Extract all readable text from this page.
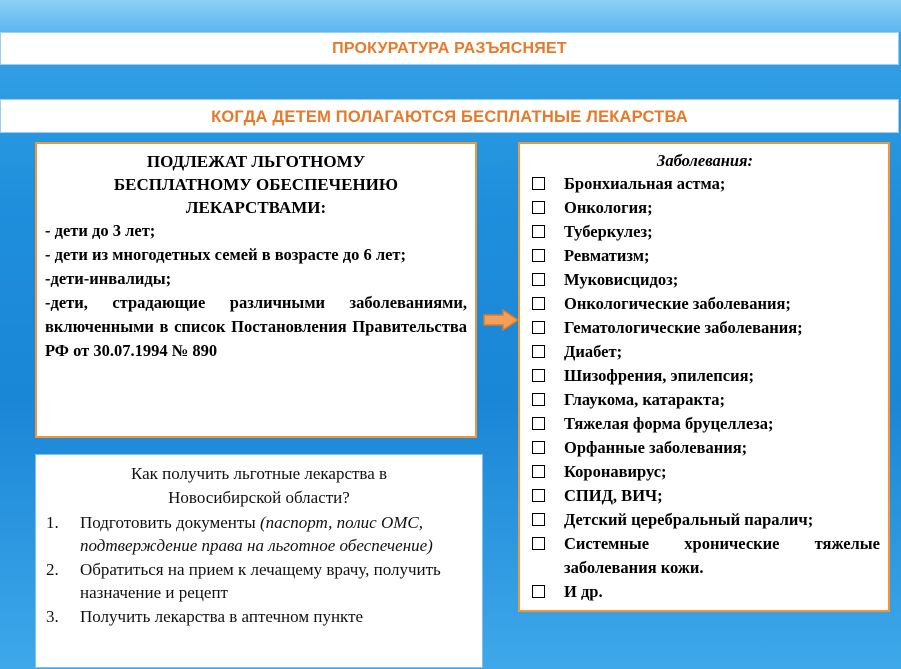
ПРОКУРАТУРА РАЗЪЯСНЯЕТ
КОГДА ДЕТЕМ ПОЛАГАЮТСЯ БЕСПЛАТНЫЕ ЛЕКАРСТВА
ПОДЛЕЖАТ ЛЬГОТНОМУ
БЕСПЛАТНОМУ ОБЕСПЕЧЕНИЮ
ЛЕКАРСТВАМИ:
- дети до 3 лет;
- дети из многодетных семей в возрасте до 6 лет;
-дети-инвалиды;
-дети, страдающие различными заболеваниями, включенными в список Постановления Правительства РФ от 30.07.1994 № 890
Заболевания:
Бронхиальная астма;
Онкология;
Туберкулез;
Ревматизм;
Муковисцидоз;
Онкологические заболевания;
Гематологические заболевания;
Диабет;
Шизофрения, эпилепсия;
Глаукома, катаракта;
Тяжелая форма бруцеллеза;
Орфанные заболевания;
Коронавирус;
СПИД, ВИЧ;
Детский церебральный паралич;
Системные хронические тяжелые заболевания кожи.
И др.
Как получить льготные лекарства в
Новосибирской области?
1.	Подготовить документы (паспорт, полис ОМС, подтверждение права на льготное обеспечение)
2.	Обратиться на прием к лечащему врачу, получить назначение и рецепт
3.	Получить лекарства в аптечном пункте
